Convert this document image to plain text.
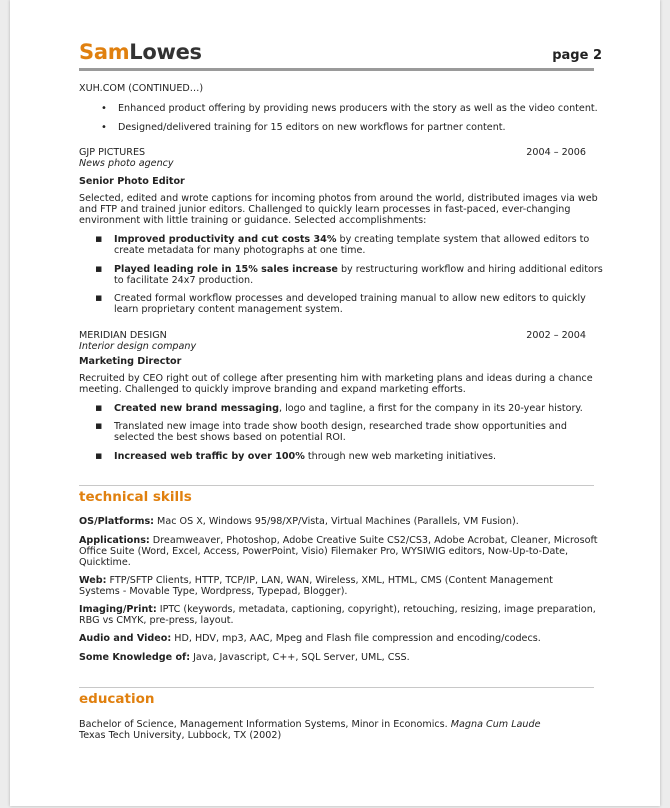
SamLowes	page 2
XUH.COM (CONTINUED…)
• Enhanced product offering by providing news producers with the story as well as the video content.
• Designed/delivered training for 15 editors on new workflows for partner content.
GJP PICTURES	2004 – 2006
News photo agency
Senior Photo Editor
Selected, edited and wrote captions for incoming photos from around the world, distributed images via web
and FTP and trained junior editors. Challenged to quickly learn processes in fast-paced, ever-changing
environment with little training or guidance. Selected accomplishments:
▪ Improved productivity and cut costs 34% by creating template system that allowed editors to
create metadata for many photographs at one time.
▪ Played leading role in 15% sales increase by restructuring workflow and hiring additional editors
to facilitate 24x7 production.
▪ Created formal workflow processes and developed training manual to allow new editors to quickly
learn proprietary content management system.
MERIDIAN DESIGN	2002 – 2004
Interior design company
Marketing Director
Recruited by CEO right out of college after presenting him with marketing plans and ideas during a chance
meeting. Challenged to quickly improve branding and expand marketing efforts.
▪ Created new brand messaging, logo and tagline, a first for the company in its 20-year history.
▪ Translated new image into trade show booth design, researched trade show opportunities and
selected the best shows based on potential ROI.
▪ Increased web traffic by over 100% through new web marketing initiatives.
technical skills
OS/Platforms: Mac OS X, Windows 95/98/XP/Vista, Virtual Machines (Parallels, VM Fusion).
Applications: Dreamweaver, Photoshop, Adobe Creative Suite CS2/CS3, Adobe Acrobat, Cleaner, Microsoft
Office Suite (Word, Excel, Access, PowerPoint, Visio) Filemaker Pro, WYSIWIG editors, Now-Up-to-Date,
Quicktime.
Web: FTP/SFTP Clients, HTTP, TCP/IP, LAN, WAN, Wireless, XML, HTML, CMS (Content Management
Systems - Movable Type, Wordpress, Typepad, Blogger).
Imaging/Print: IPTC (keywords, metadata, captioning, copyright), retouching, resizing, image preparation,
RBG vs CMYK, pre-press, layout.
Audio and Video: HD, HDV, mp3, AAC, Mpeg and Flash file compression and encoding/codecs.
Some Knowledge of: Java, Javascript, C++, SQL Server, UML, CSS.
education
Bachelor of Science, Management Information Systems, Minor in Economics. Magna Cum Laude
Texas Tech University, Lubbock, TX (2002)
